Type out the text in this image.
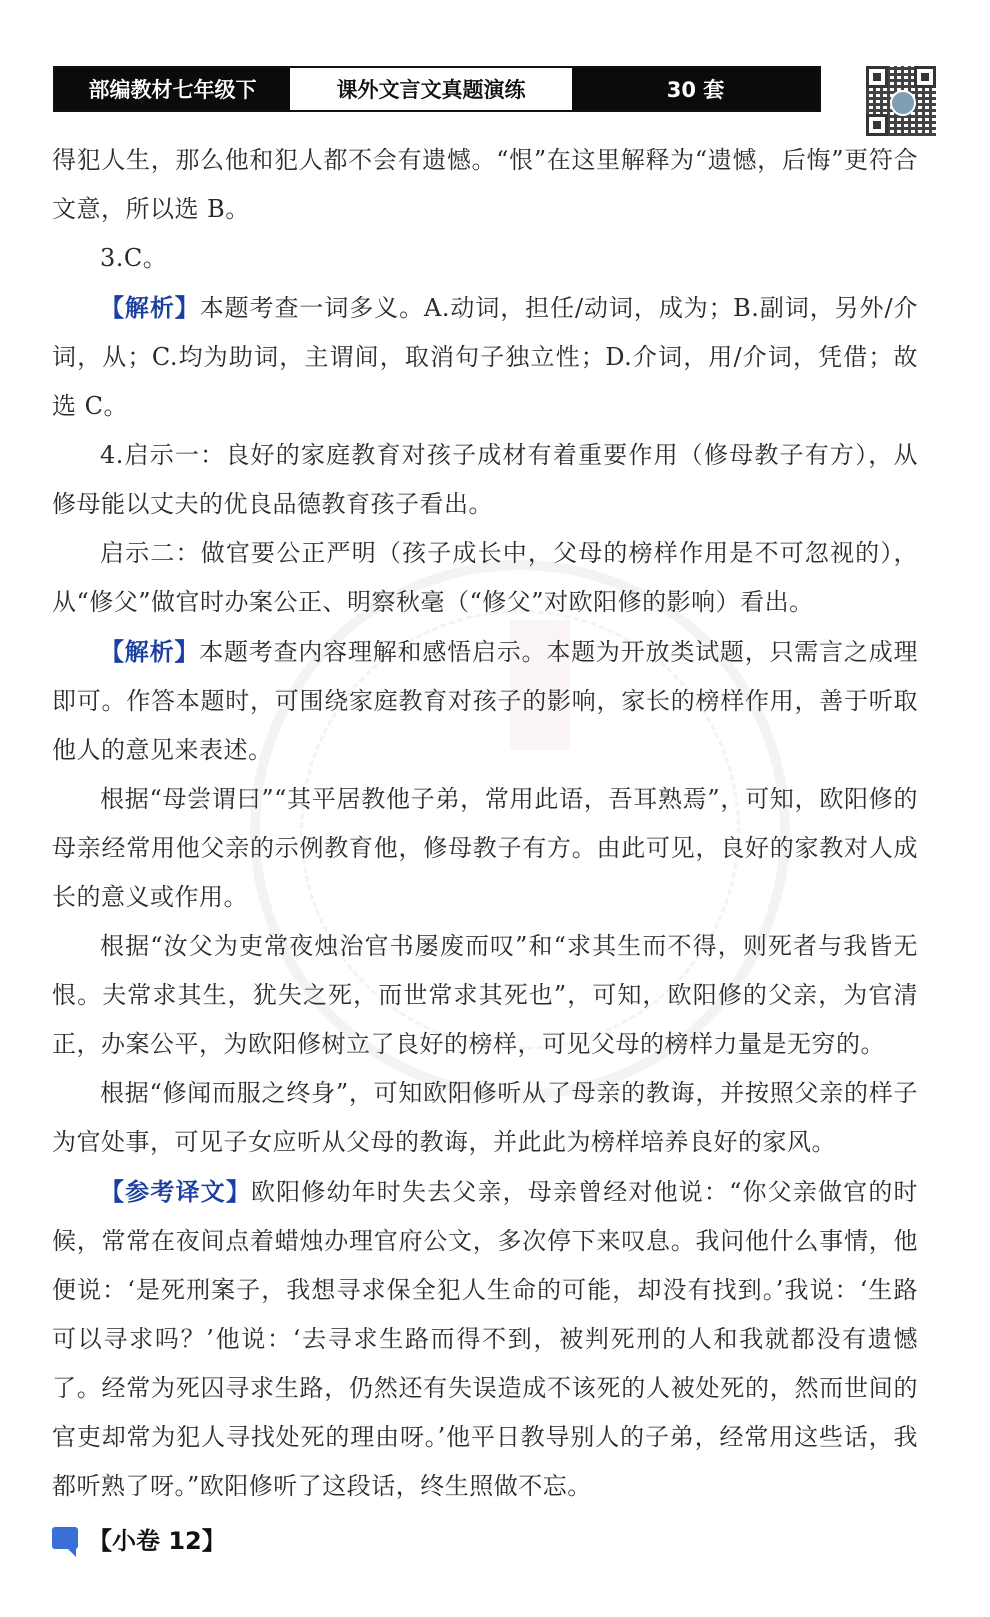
部编教材七年级下	课外文言文真题演练	30 套

得犯人生，那么他和犯人都不会有遗憾。“恨”在这里解释为“遗憾，后悔”更符合文意，所以选 B。

3.C。

【解析】本题考查一词多义。A.动词，担任/动词，成为；B.副词，另外/介词，从；C.均为助词，主谓间，取消句子独立性；D.介词，用/介词，凭借；故选 C。

4.启示一：良好的家庭教育对孩子成材有着重要作用（修母教子有方），从修母能以丈夫的优良品德教育孩子看出。

启示二：做官要公正严明（孩子成长中，父母的榜样作用是不可忽视的），从“修父”做官时办案公正、明察秋毫（“修父”对欧阳修的影响）看出。

【解析】本题考查内容理解和感悟启示。本题为开放类试题，只需言之成理即可。作答本题时，可围绕家庭教育对孩子的影响，家长的榜样作用，善于听取他人的意见来表述。

根据“母尝谓曰”“其平居教他子弟，常用此语，吾耳熟焉”，可知，欧阳修的母亲经常用他父亲的示例教育他，修母教子有方。由此可见，良好的家教对人成长的意义或作用。

根据“汝父为吏常夜烛治官书屡废而叹”和“求其生而不得，则死者与我皆无恨。夫常求其生，犹失之死，而世常求其死也”，可知，欧阳修的父亲，为官清正，办案公平，为欧阳修树立了良好的榜样，可见父母的榜样力量是无穷的。

根据“修闻而服之终身”，可知欧阳修听从了母亲的教诲，并按照父亲的样子为官处事，可见子女应听从父母的教诲，并此此为榜样培养良好的家风。

【参考译文】欧阳修幼年时失去父亲，母亲曾经对他说：“你父亲做官的时候，常常在夜间点着蜡烛办理官府公文，多次停下来叹息。我问他什么事情，他便说：‘是死刑案子，我想寻求保全犯人生命的可能，却没有找到。’我说：‘生路可以寻求吗？’他说：‘去寻求生路而得不到，被判死刑的人和我就都没有遗憾了。经常为死囚寻求生路，仍然还有失误造成不该死的人被处死的，然而世间的官吏却常为犯人寻找处死的理由呀。’他平日教导别人的子弟，经常用这些话，我都听熟了呀。”欧阳修听了这段话，终生照做不忘。

【小卷 12】
